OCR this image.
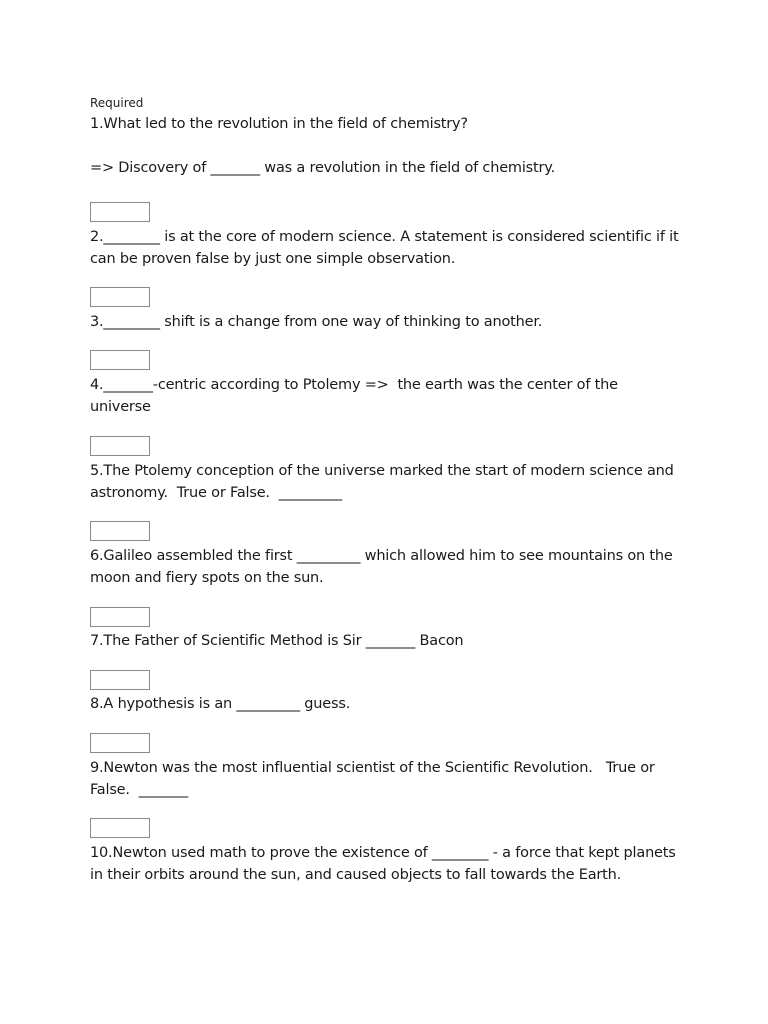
Required
1.What led to the revolution in the field of chemistry?
=> Discovery of _______ was a revolution in the field of chemistry.
2.________ is at the core of modern science. A statement is considered scientific if it can be proven false by just one simple observation.
3.________ shift is a change from one way of thinking to another.
4._______-centric according to Ptolemy =>  the earth was the center of the universe
5.The Ptolemy conception of the universe marked the start of modern science and astronomy.  True or False.  _________
6.Galileo assembled the first _________ which allowed him to see mountains on the moon and fiery spots on the sun.
7.The Father of Scientific Method is Sir _______ Bacon
8.A hypothesis is an _________ guess.
9.Newton was the most influential scientist of the Scientific Revolution.   True or False.  _______
10.Newton used math to prove the existence of ________ - a force that kept planets in their orbits around the sun, and caused objects to fall towards the Earth.
